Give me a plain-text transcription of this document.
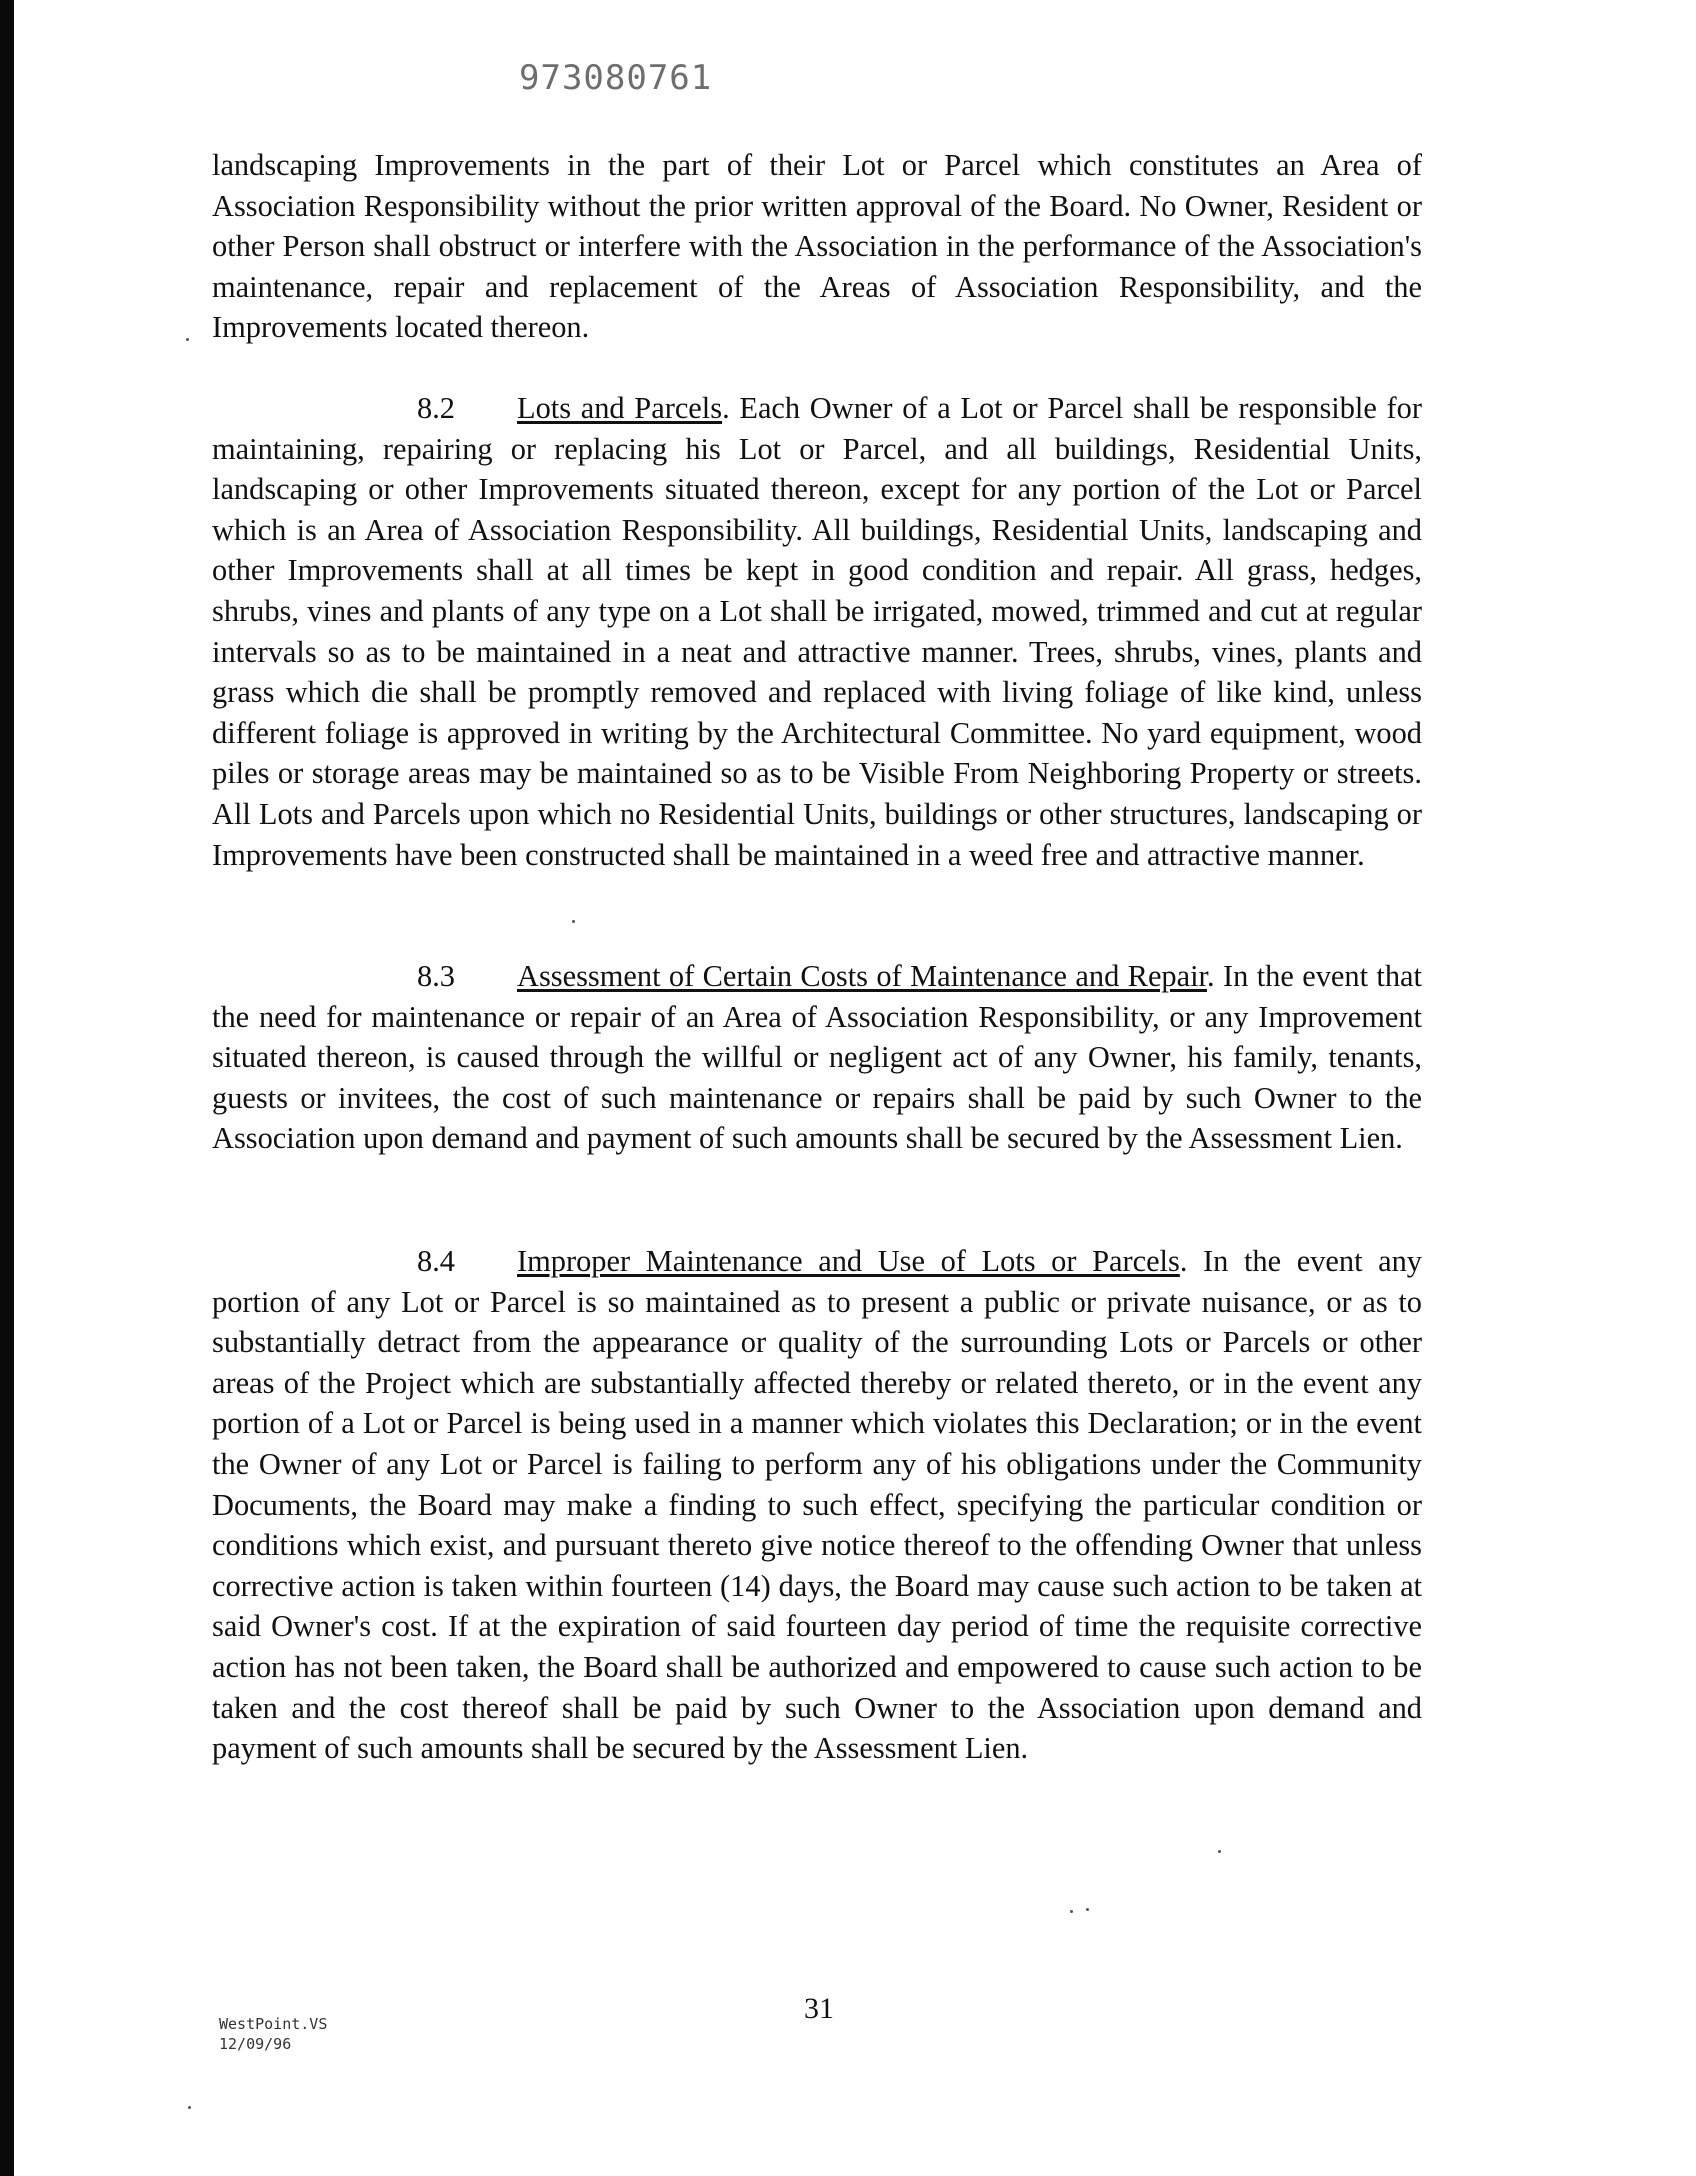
973080761

landscaping Improvements in the part of their Lot or Parcel which constitutes an Area of Association Responsibility without the prior written approval of the Board. No Owner, Resident or other Person shall obstruct or interfere with the Association in the performance of the Association's maintenance, repair and replacement of the Areas of Association Responsibility, and the Improvements located thereon.

8.2 Lots and Parcels. Each Owner of a Lot or Parcel shall be responsible for maintaining, repairing or replacing his Lot or Parcel, and all buildings, Residential Units, landscaping or other Improvements situated thereon, except for any portion of the Lot or Parcel which is an Area of Association Responsibility. All buildings, Residential Units, landscaping and other Improvements shall at all times be kept in good condition and repair. All grass, hedges, shrubs, vines and plants of any type on a Lot shall be irrigated, mowed, trimmed and cut at regular intervals so as to be maintained in a neat and attractive manner. Trees, shrubs, vines, plants and grass which die shall be promptly removed and replaced with living foliage of like kind, unless different foliage is approved in writing by the Architectural Committee. No yard equipment, wood piles or storage areas may be maintained so as to be Visible From Neighboring Property or streets. All Lots and Parcels upon which no Residential Units, buildings or other structures, landscaping or Improvements have been constructed shall be maintained in a weed free and attractive manner.

8.3 Assessment of Certain Costs of Maintenance and Repair. In the event that the need for maintenance or repair of an Area of Association Responsibility, or any Improvement situated thereon, is caused through the willful or negligent act of any Owner, his family, tenants, guests or invitees, the cost of such maintenance or repairs shall be paid by such Owner to the Association upon demand and payment of such amounts shall be secured by the Assessment Lien.

8.4 Improper Maintenance and Use of Lots or Parcels. In the event any portion of any Lot or Parcel is so maintained as to present a public or private nuisance, or as to substantially detract from the appearance or quality of the surrounding Lots or Parcels or other areas of the Project which are substantially affected thereby or related thereto, or in the event any portion of a Lot or Parcel is being used in a manner which violates this Declaration; or in the event the Owner of any Lot or Parcel is failing to perform any of his obligations under the Community Documents, the Board may make a finding to such effect, specifying the particular condition or conditions which exist, and pursuant thereto give notice thereof to the offending Owner that unless corrective action is taken within fourteen (14) days, the Board may cause such action to be taken at said Owner's cost. If at the expiration of said fourteen day period of time the requisite corrective action has not been taken, the Board shall be authorized and empowered to cause such action to be taken and the cost thereof shall be paid by such Owner to the Association upon demand and payment of such amounts shall be secured by the Assessment Lien.

WestPoint.VS
12/09/96
31
